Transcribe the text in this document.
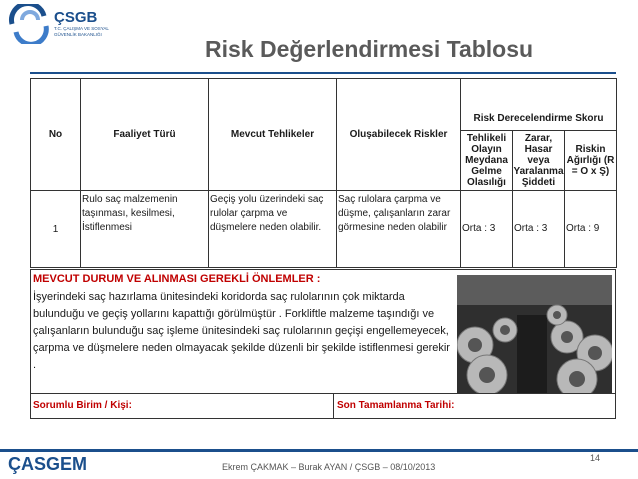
ÇSGB
T.C. ÇALIŞMA VE SOSYAL GÜVENLİK BAKANLIĞI
Risk Değerlendirmesi Tablosu
No	Faaliyet Türü	Mevcut Tehlikeler	Oluşabilecek Riskler	Risk Derecelendirme Skoru		
				Tehlikeli Olayın Meydana Gelme Olasılığı	Zarar, Hasar veya Yaralanma Şiddeti	Riskin Ağırlığı (R = O x Ş)
1	Rulo saç malzemenin taşınması, kesilmesi, İstiflenmesi	Geçiş yolu üzerindeki saç rulolar çarpma ve düşmelere neden olabilir.	Saç rulolara çarpma ve düşme, çalışanların zarar görmesine neden olabilir	Orta : 3	Orta : 3	Orta : 9
MEVCUT DURUM VE ALINMASI GEREKLİ ÖNLEMLER :
İşyerindeki saç hazırlama ünitesindeki koridorda saç rulolarının çok miktarda bulunduğu ve geçiş yollarını kapattığı görülmüştür . Forkliftle malzeme taşındığı ve çalışanların bulunduğu saç işleme ünitesindeki saç rulolarının geçişi engellemeyecek, çarpma ve düşmelere neden olmayacak şekilde düzenli bir şekilde istiflenmesi gerekir .
Sorumlu Birim / Kişi:	Son Tamamlanma Tarihi:
14
ÇASGEM	Ekrem ÇAKMAK – Burak AYAN / ÇSGB – 08/10/2013
